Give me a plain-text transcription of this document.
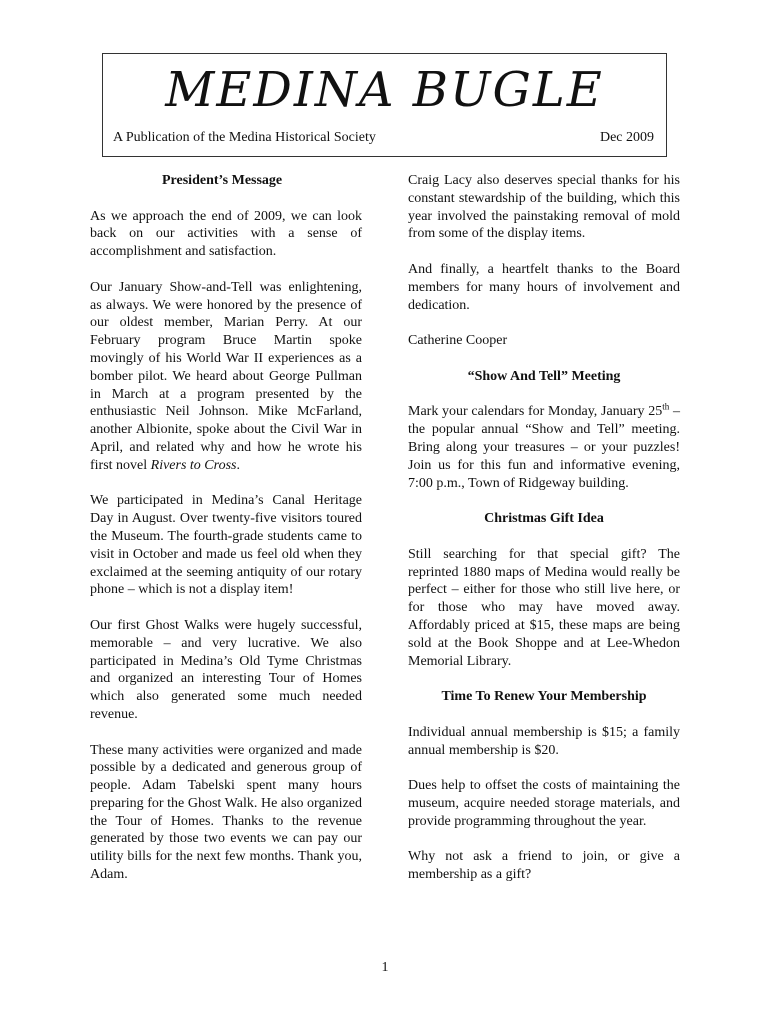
MEDINA BUGLE
A Publication of the Medina Historical Society	Dec 2009
President’s Message

As we approach the end of 2009, we can look back on our activities with a sense of accomplishment and satisfaction.

Our January Show-and-Tell was enlightening, as always. We were honored by the presence of our oldest member, Marian Perry. At our February program Bruce Martin spoke movingly of his World War II experiences as a bomber pilot. We heard about George Pullman in March at a program presented by the enthusiastic Neil Johnson. Mike McFarland, another Albionite, spoke about the Civil War in April, and related why and how he wrote his first novel Rivers to Cross.

We participated in Medina’s Canal Heritage Day in August. Over twenty-five visitors toured the Museum. The fourth-grade students came to visit in October and made us feel old when they exclaimed at the seeming antiquity of our rotary phone – which is not a display item!

Our first Ghost Walks were hugely successful, memorable – and very lucrative. We also participated in Medina’s Old Tyme Christmas and organized an interesting Tour of Homes which also generated some much needed revenue.

These many activities were organized and made possible by a dedicated and generous group of people. Adam Tabelski spent many hours preparing for the Ghost Walk. He also organized the Tour of Homes. Thanks to the revenue generated by those two events we can pay our utility bills for the next few months. Thank you, Adam.

Craig Lacy also deserves special thanks for his constant stewardship of the building, which this year involved the painstaking removal of mold from some of the display items.

And finally, a heartfelt thanks to the Board members for many hours of involvement and dedication.

Catherine Cooper

“Show And Tell” Meeting

Mark your calendars for Monday, January 25th – the popular annual “Show and Tell” meeting. Bring along your treasures – or your puzzles! Join us for this fun and informative evening, 7:00 p.m., Town of Ridgeway building.

Christmas Gift Idea

Still searching for that special gift? The reprinted 1880 maps of Medina would really be perfect – either for those who still live here, or for those who may have moved away. Affordably priced at $15, these maps are being sold at the Book Shoppe and at Lee-Whedon Memorial Library.

Time To Renew Your Membership

Individual annual membership is $15; a family annual membership is $20.

Dues help to offset the costs of maintaining the museum, acquire needed storage materials, and provide programming throughout the year.

Why not ask a friend to join, or give a membership as a gift?

1
